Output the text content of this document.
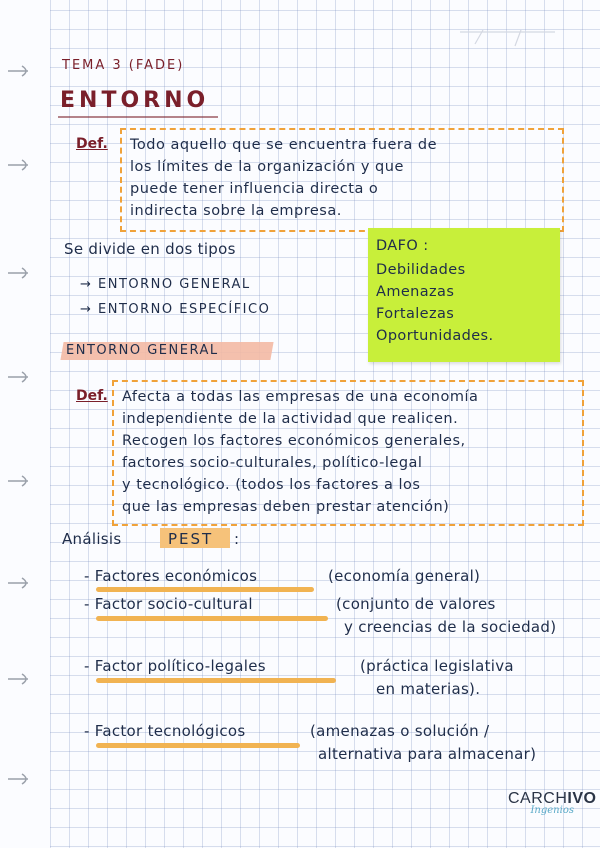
TEMA 3 (FADE)
ENTORNO
Def. Todo aquello que se encuentra fuera de
los límites de la organización y que
puede tener influencia directa o
indirecta sobre la empresa.
Se divide en dos tipos
→ ENTORNO GENERAL
→ ENTORNO ESPECÍFICO
DAFO :
Debilidades
Amenazas
Fortalezas
Oportunidades.
ENTORNO GENERAL
Def. Afecta a todas las empresas de una economía
independiente de la actividad que realicen.
Recogen los factores económicos generales,
factores socio-culturales, político-legal
y tecnológico. (todos los factores a los
que las empresas deben prestar atención)
Análisis	PEST :
- Factores económicos	(economía general)
- Factor socio-cultural	(conjunto de valores
y creencias de la sociedad)
- Factor político-legales	(práctica legislativa
en materias).
- Factor tecnológicos	(amenazas o solución /
alternativa para almacenar)
CARCHIVO
Ingenios
